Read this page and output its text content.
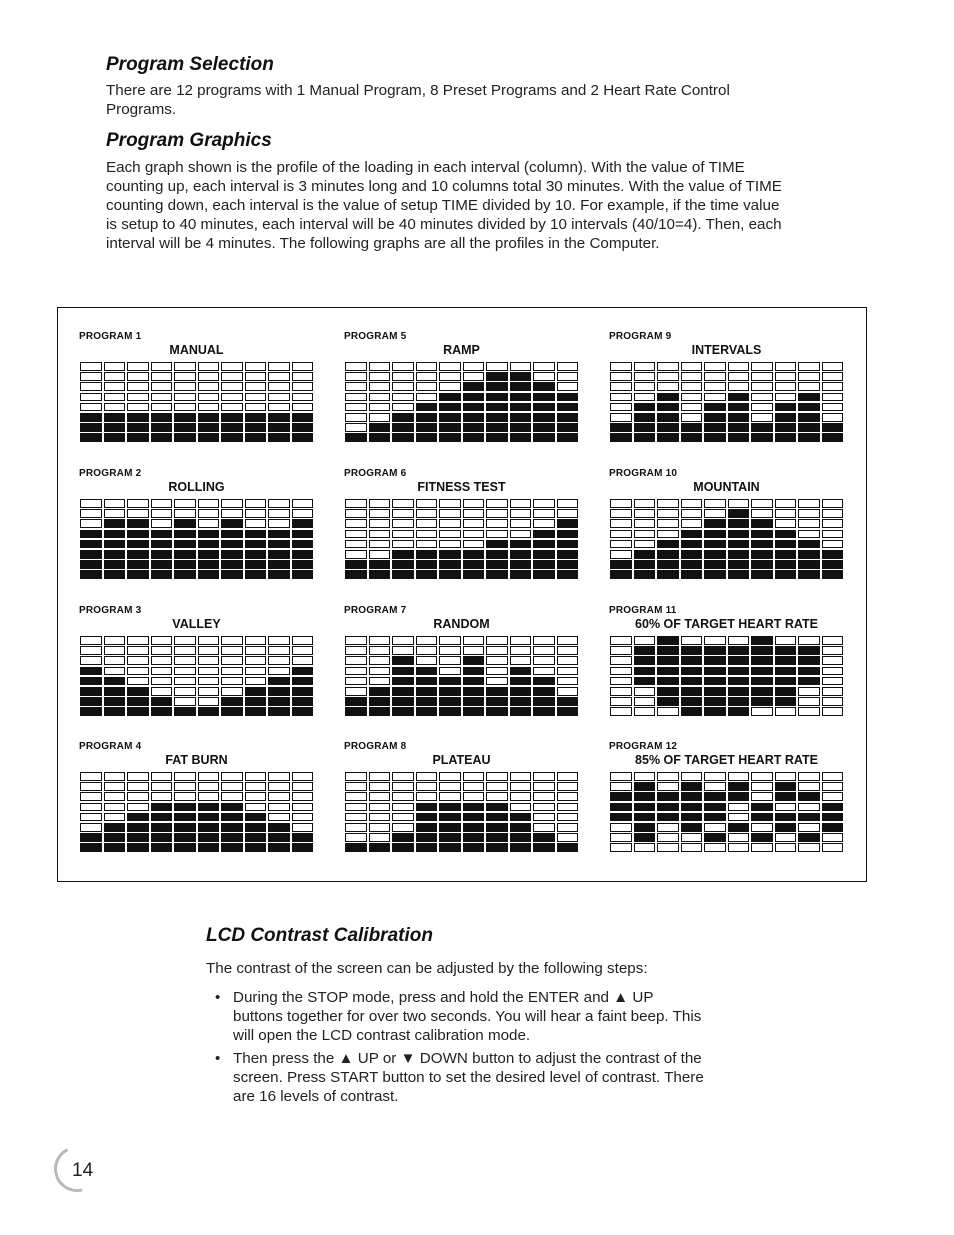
Program Selection

There are 12 programs with 1 Manual Program, 8 Preset Programs and 2 Heart Rate Control Programs.

Program Graphics

Each graph shown is the profile of the loading in each interval (column). With the value of TIME counting up, each interval is 3 minutes long and 10 columns total 30 minutes. With the value of TIME counting down, each interval is the value of setup TIME divided by 10. For example, if the time value is setup to 40 minutes, each interval will be 40 minutes divided by 10 intervals (40/10=4). Then, each interval will be 4 minutes. The following graphs are all the profiles in the Computer.

PROGRAM 1
MANUAL
PROGRAM 2
ROLLING
PROGRAM 3
VALLEY
PROGRAM 4
FAT BURN
PROGRAM 5
RAMP
PROGRAM 6
FITNESS TEST
PROGRAM 7
RANDOM
PROGRAM 8
PLATEAU
PROGRAM 9
INTERVALS
PROGRAM 10
MOUNTAIN
PROGRAM 11
60% OF TARGET HEART RATE
PROGRAM 12
85% OF TARGET HEART RATE
LCD Contrast Calibration

The contrast of the screen can be adjusted by the following steps:

• During the STOP mode, press and hold the ENTER and ▲ UP buttons together for over two seconds. You will hear a faint beep. This will open the LCD contrast calibration mode.
• Then press the ▲ UP or ▼ DOWN button to adjust the contrast of the screen. Press START button to set the desired level of contrast. There are 16 levels of contrast.
14
